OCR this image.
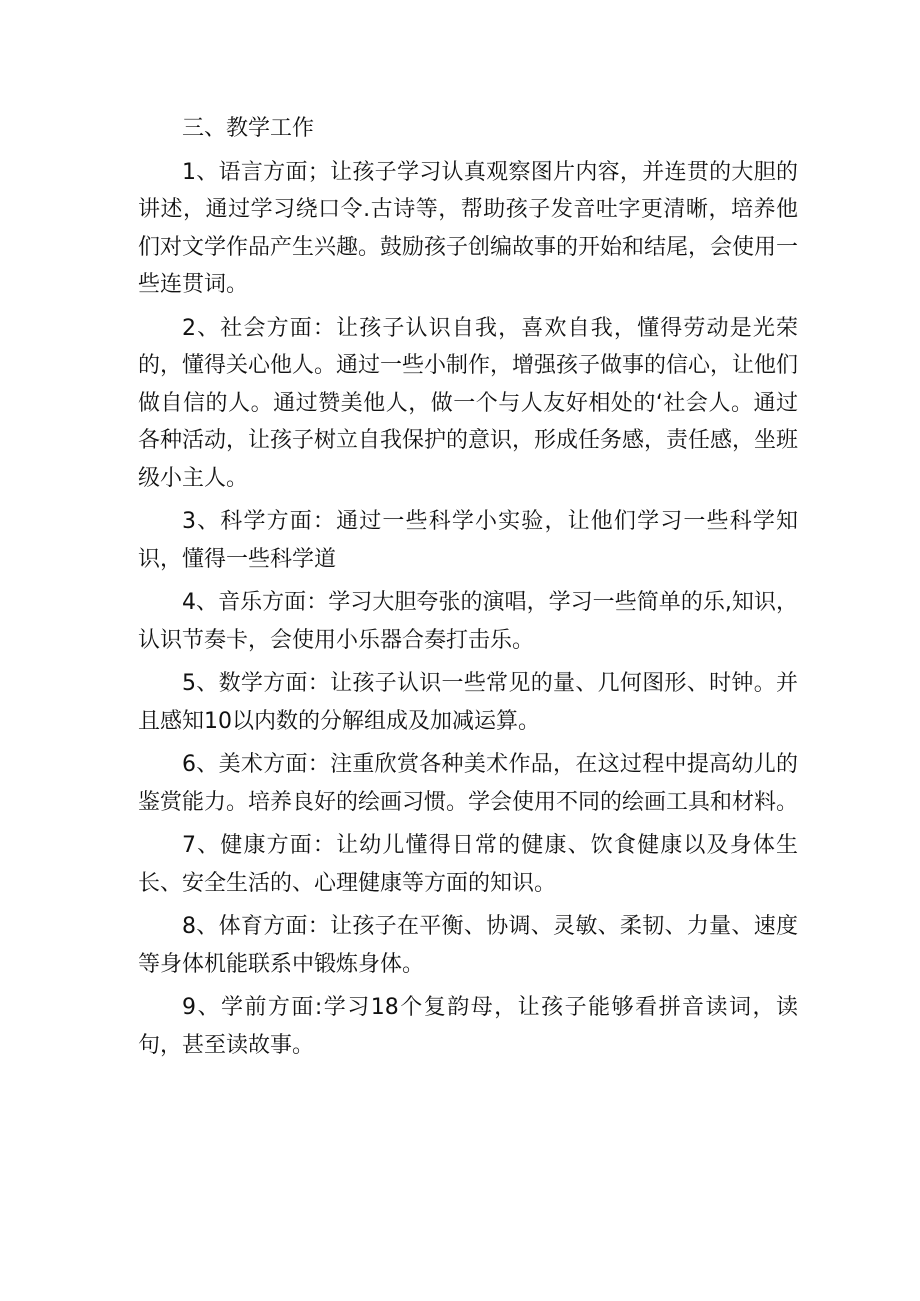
三、教学工作

1、语言方面；让孩子学习认真观察图片内容，并连贯的大胆的讲述，通过学习绕口令.古诗等，帮助孩子发音吐字更清晰，培养他们对文学作品产生兴趣。鼓励孩子创编故事的开始和结尾，会使用一些连贯词。

2、社会方面：让孩子认识自我，喜欢自我，懂得劳动是光荣的，懂得关心他人。通过一些小制作，增强孩子做事的信心，让他们做自信的人。通过赞美他人，做一个与人友好相处的‘社会人。通过各种活动，让孩子树立自我保护的意识，形成任务感，责任感，坐班级小主人。

3、科学方面：通过一些科学小实验，让他们学习一些科学知识，懂得一些科学道

4、音乐方面：学习大胆夸张的演唱，学习一些简单的乐,知识，认识节奏卡，会使用小乐器合奏打击乐。

5、数学方面：让孩子认识一些常见的量、几何图形、时钟。并且感知10以内数的分解组成及加减运算。

6、美术方面：注重欣赏各种美术作品，在这过程中提高幼儿的鉴赏能力。培养良好的绘画习惯。学会使用不同的绘画工具和材料。

7、健康方面：让幼儿懂得日常的健康、饮食健康以及身体生长、安全生活的、心理健康等方面的知识。

8、体育方面：让孩子在平衡、协调、灵敏、柔韧、力量、速度等身体机能联系中锻炼身体。

9、学前方面:学习18个复韵母，让孩子能够看拼音读词，读句，甚至读故事。
